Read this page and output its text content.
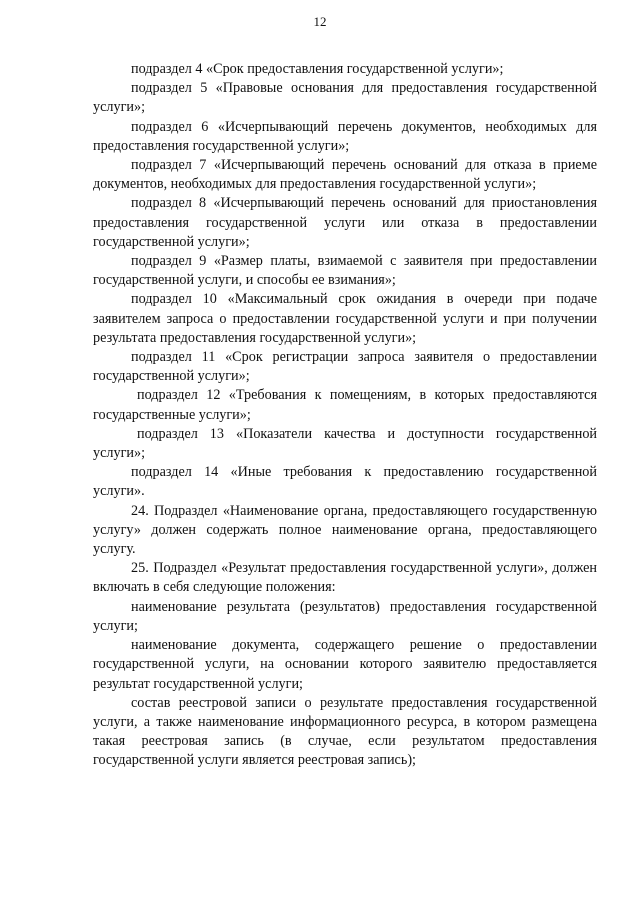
12

подраздел 4 «Срок предоставления государственной услуги»;

подраздел 5 «Правовые основания для предоставления государственной услуги»;

подраздел 6 «Исчерпывающий перечень документов, необходимых для предоставления государственной услуги»;

подраздел 7 «Исчерпывающий перечень оснований для отказа в приеме документов, необходимых для предоставления государственной услуги»;

подраздел 8 «Исчерпывающий перечень оснований для приостановления предоставления государственной услуги или отказа в предоставлении государственной услуги»;

подраздел 9 «Размер платы, взимаемой с заявителя при предоставлении государственной услуги, и способы ее взимания»;

подраздел 10 «Максимальный срок ожидания в очереди при подаче заявителем запроса о предоставлении государственной услуги и при получении результата предоставления государственной услуги»;

подраздел 11 «Срок регистрации запроса заявителя о предоставлении государственной услуги»;

подраздел 12 «Требования к помещениям, в которых предоставляются государственные услуги»;

подраздел 13 «Показатели качества и доступности государственной услуги»;

подраздел 14 «Иные требования к предоставлению государственной услуги».

24. Подраздел «Наименование органа, предоставляющего государственную услугу» должен содержать полное наименование органа, предоставляющего услугу.

25. Подраздел «Результат предоставления государственной услуги», должен включать в себя следующие положения:

наименование результата (результатов) предоставления государственной услуги;

наименование документа, содержащего решение о предоставлении государственной услуги, на основании которого заявителю предоставляется результат государственной услуги;

состав реестровой записи о результате предоставления государственной услуги, а также наименование информационного ресурса, в котором размещена такая реестровая запись (в случае, если результатом предоставления государственной услуги является реестровая запись);
